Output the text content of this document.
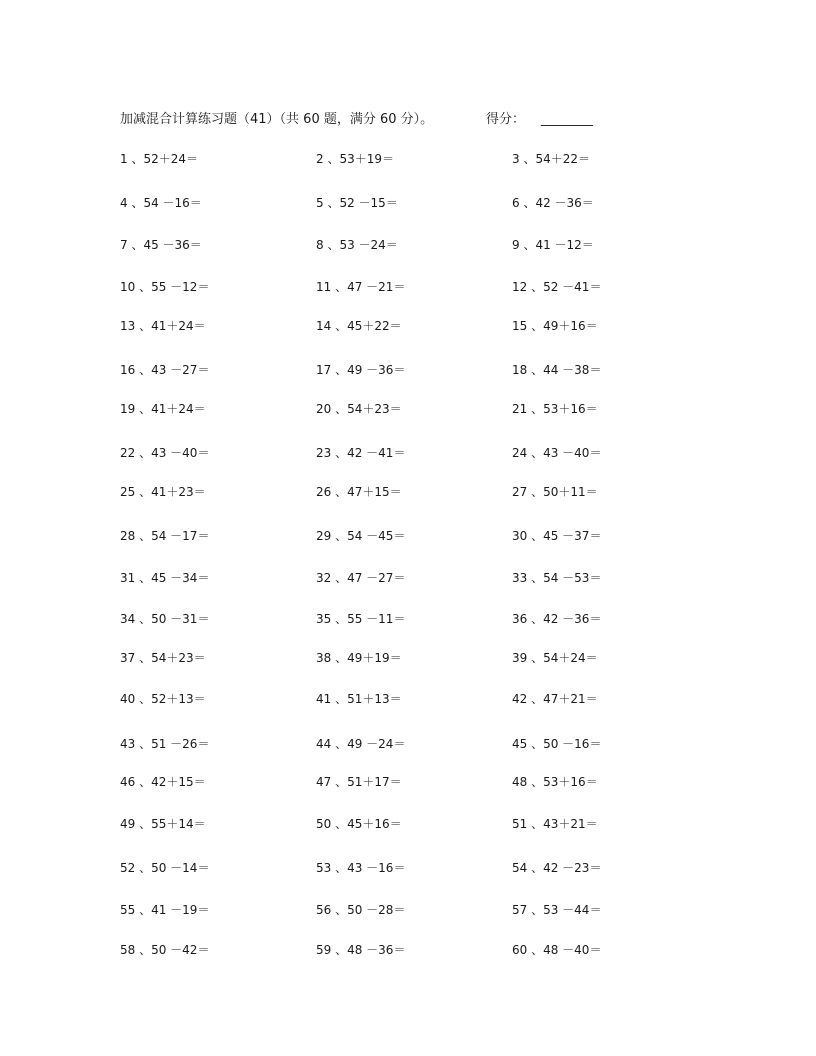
加减混合计算练习题（41）（共 60 题，满分 60 分）。	得分： ________
1 、52＋24＝	2 、53＋19＝	3 、54＋22＝
4 、54 －16＝	5 、52 －15＝	6 、42 －36＝
7 、45 －36＝	8 、53 －24＝	9 、41 －12＝
10 、55 －12＝	11 、47 －21＝	12 、52 －41＝
13 、41＋24＝	14 、45＋22＝	15 、49＋16＝
16 、43 －27＝	17 、49 －36＝	18 、44 －38＝
19 、41＋24＝	20 、54＋23＝	21 、53＋16＝
22 、43 －40＝	23 、42 －41＝	24 、43 －40＝
25 、41＋23＝	26 、47＋15＝	27 、50＋11＝
28 、54 －17＝	29 、54 －45＝	30 、45 －37＝
31 、45 －34＝	32 、47 －27＝	33 、54 －53＝
34 、50 －31＝	35 、55 －11＝	36 、42 －36＝
37 、54＋23＝	38 、49＋19＝	39 、54＋24＝
40 、52＋13＝	41 、51＋13＝	42 、47＋21＝
43 、51 －26＝	44 、49 －24＝	45 、50 －16＝
46 、42＋15＝	47 、51＋17＝	48 、53＋16＝
49 、55＋14＝	50 、45＋16＝	51 、43＋21＝
52 、50 －14＝	53 、43 －16＝	54 、42 －23＝
55 、41 －19＝	56 、50 －28＝	57 、53 －44＝
58 、50 －42＝	59 、48 －36＝	60 、48 －40＝
